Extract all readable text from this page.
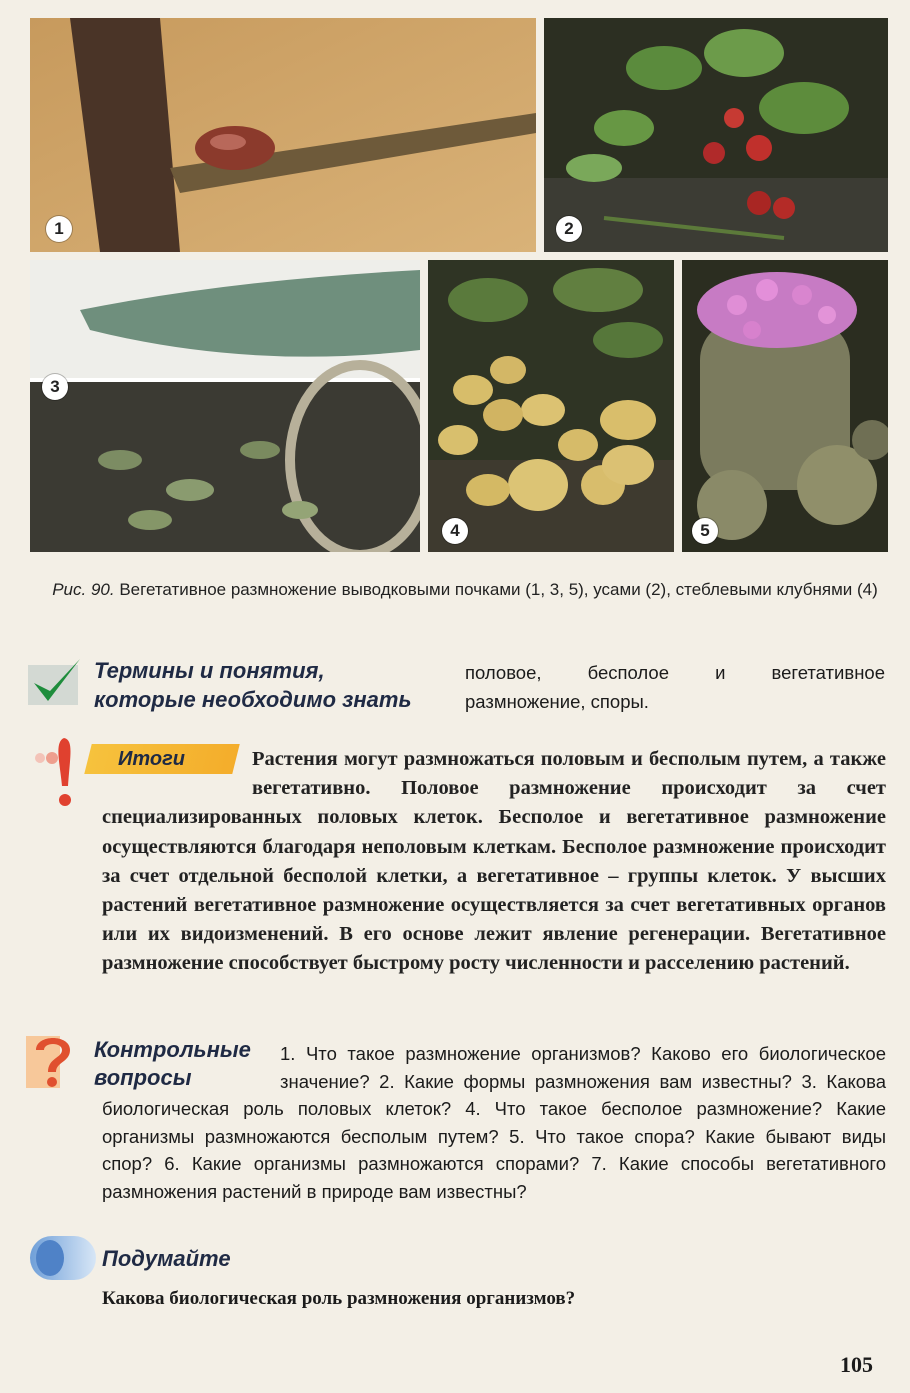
1	2
3
4	5
Рис. 90. Вегетативное размножение выводковыми почками (1, 3, 5), усами (2), стеблевыми клубнями (4)
Термины и понятия,
которые необходимо знать
половое, бесполое и вегетативное размножение, споры.
Итоги	Растения могут размножаться половым и бесполым путем, а также вегетативно. Половое размножение происходит за счет специализированных половых клеток. Бесполое и вегетативное размножение осуществляются благодаря неполовым клеткам. Бесполое размножение происходит за счет отдельной бесполой клетки, а вегетативное – группы клеток. У высших растений вегетативное размножение осуществляется за счет вегетативных органов или их видоизменений. В его основе лежит явление регенерации. Вегетативное размножение способствует быстрому росту численности и расселению растений.
Контрольные
вопросы
1. Что такое размножение организмов? Каково его биологическое значение? 2. Какие формы размножения вам известны? 3. Какова биологическая роль половых клеток? 4. Что такое бесполое размножение? Какие организмы размножаются бесполым путем? 5. Что такое спора? Какие бывают виды спор? 6. Какие организмы размножаются спорами? 7. Какие способы вегетативного размножения растений в природе вам известны?
Подумайте
Какова биологическая роль размножения организмов?
105
